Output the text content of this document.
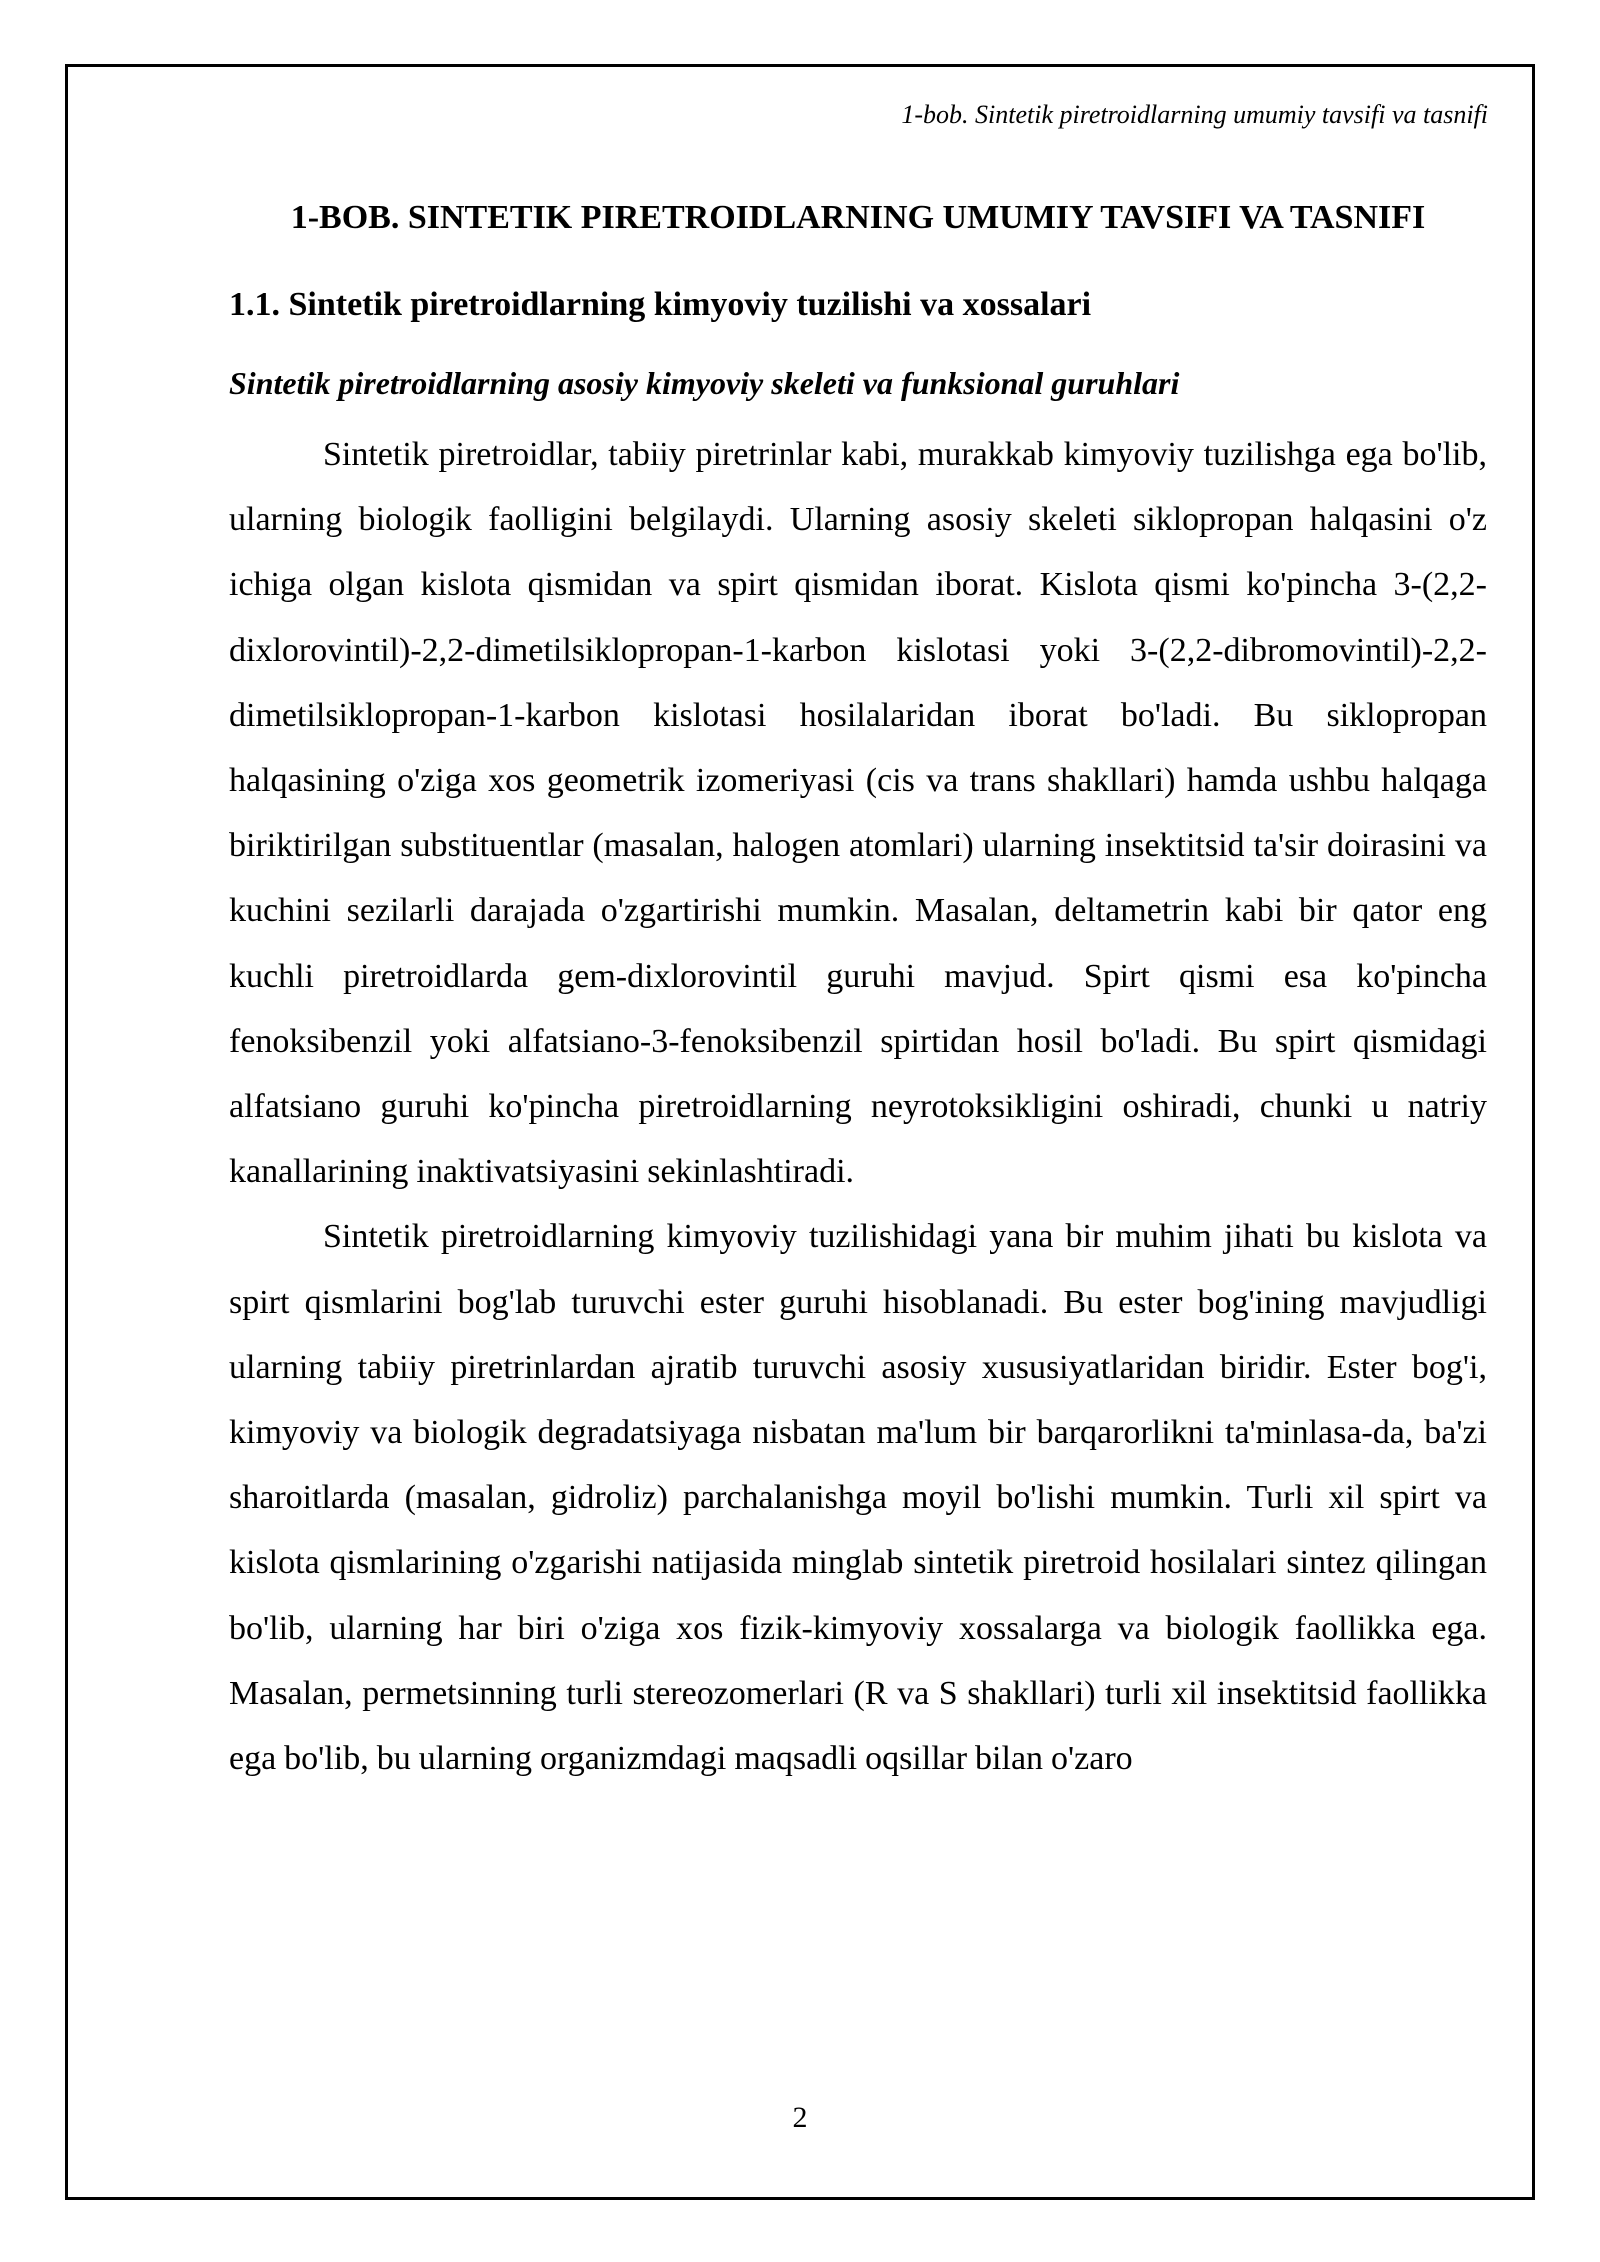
1-bob. Sintetik piretroidlarning umumiy tavsifi va tasnifi
1-BOB. SINTETIK PIRETROIDLARNING UMUMIY TAVSIFI VA TASNIFI
1.1. Sintetik piretroidlarning kimyoviy tuzilishi va xossalari
Sintetik piretroidlarning asosiy kimyoviy skeleti va funksional guruhlari

Sintetik piretroidlar, tabiiy piretrinlar kabi, murakkab kimyoviy tuzilishga ega bo'lib, ularning biologik faolligini belgilaydi. Ularning asosiy skeleti siklopropan halqasini o'z ichiga olgan kislota qismidan va spirt qismidan iborat. Kislota qismi ko'pincha 3-(2,2-dixlorovintil)-2,2-dimetilsiklopropan-1-karbon kislotasi yoki 3-(2,2-dibromovintil)-2,2-dimetilsiklopropan-1-karbon kislotasi hosilalaridan iborat bo'ladi. Bu siklopropan halqasining o'ziga xos geometrik izomeriyasi (cis va trans shakllari) hamda ushbu halqaga biriktirilgan substituentlar (masalan, halogen atomlari) ularning insektitsid ta'sir doirasini va kuchini sezilarli darajada o'zgartirishi mumkin. Masalan, deltametrin kabi bir qator eng kuchli piretroidlarda gem-dixlorovintil guruhi mavjud. Spirt qismi esa ko'pincha fenoksibenzil yoki alfatsiano-3-fenoksibenzil spirtidan hosil bo'ladi. Bu spirt qismidagi alfatsiano guruhi ko'pincha piretroidlarning neyrotoksikligini oshiradi, chunki u natriy kanallarining inaktivatsiyasini sekinlashtiradi.

Sintetik piretroidlarning kimyoviy tuzilishidagi yana bir muhim jihati bu kislota va spirt qismlarini bog'lab turuvchi ester guruhi hisoblanadi. Bu ester bog'ining mavjudligi ularning tabiiy piretrinlardan ajratib turuvchi asosiy xususiyatlaridan biridir. Ester bog'i, kimyoviy va biologik degradatsiyaga nisbatan ma'lum bir barqarorlikni ta'minlasa-da, ba'zi sharoitlarda (masalan, gidroliz) parchalanishga moyil bo'lishi mumkin. Turli xil spirt va kislota qismlarining o'zgarishi natijasida minglab sintetik piretroid hosilalari sintez qilingan bo'lib, ularning har biri o'ziga xos fizik-kimyoviy xossalarga va biologik faollikka ega. Masalan, permetsinning turli stereozomerlari (R va S shakllari) turli xil insektitsid faollikka ega bo'lib, bu ularning organizmdagi maqsadli oqsillar bilan o'zaro

2
